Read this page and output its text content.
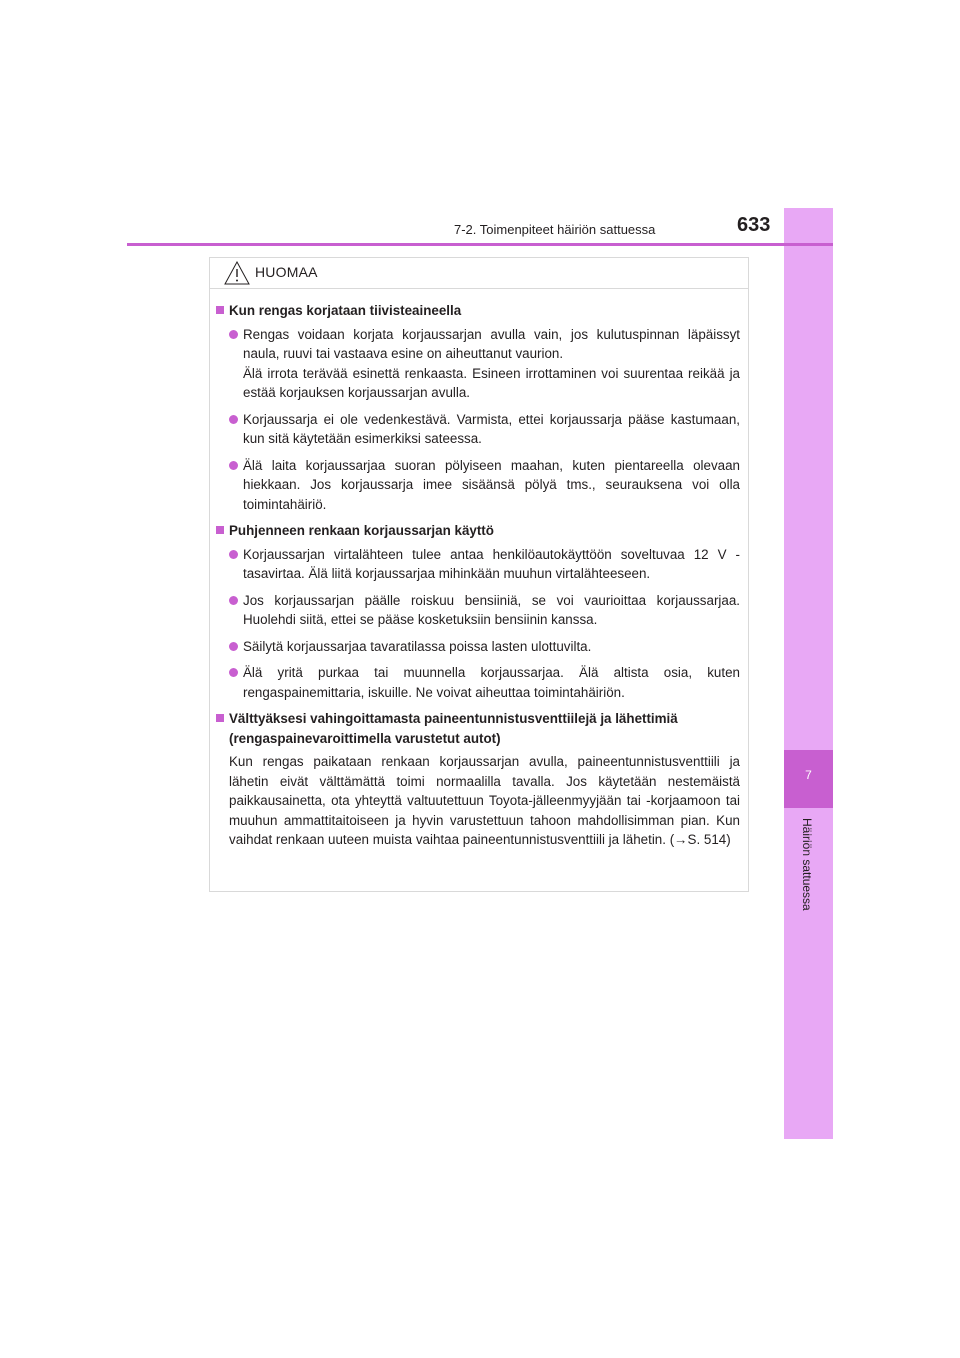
7
Häiriön sattuessa
7-2. Toimenpiteet häiriön sattuessa	633
HUOMAA
Kun rengas korjataan tiivisteaineella
Rengas voidaan korjata korjaussarjan avulla vain, jos kulutuspinnan läpäissyt naula, ruuvi tai vastaava esine on aiheuttanut vaurion.
Älä irrota terävää esinettä renkaasta. Esineen irrottaminen voi suurentaa reikää ja estää korjauksen korjaussarjan avulla.
Korjaussarja ei ole vedenkestävä. Varmista, ettei korjaussarja pääse kastumaan, kun sitä käytetään esimerkiksi sateessa.
Älä laita korjaussarjaa suoran pölyiseen maahan, kuten pientareella olevaan hiekkaan. Jos korjaussarja imee sisäänsä pölyä tms., seurauksena voi olla toimintahäiriö.
Puhjenneen renkaan korjaussarjan käyttö
Korjaussarjan virtalähteen tulee antaa henkilöautokäyttöön soveltuvaa 12 V -tasavirtaa. Älä liitä korjaussarjaa mihinkään muuhun virtalähteeseen.
Jos korjaussarjan päälle roiskuu bensiiniä, se voi vaurioittaa korjaussarjaa. Huolehdi siitä, ettei se pääse kosketuksiin bensiinin kanssa.
Säilytä korjaussarjaa tavaratilassa poissa lasten ulottuvilta.
Älä yritä purkaa tai muunnella korjaussarjaa. Älä altista osia, kuten rengaspainemittaria, iskuille. Ne voivat aiheuttaa toimintahäiriön.
Välttyäksesi vahingoittamasta paineentunnistusventtiilejä ja lähettimiä (rengaspainevaroittimella varustetut autot)
Kun rengas paikataan renkaan korjaussarjan avulla, paineentunnistusventtiili ja lähetin eivät välttämättä toimi normaalilla tavalla. Jos käytetään nestemäistä paikkausainetta, ota yhteyttä valtuutettuun Toyota-jälleenmyyjään tai -korjaamoon tai muuhun ammattitaitoiseen ja hyvin varustettuun tahoon mahdollisimman pian. Kun vaihdat renkaan uuteen muista vaihtaa paineentunnistusventtiili ja lähetin. (→S. 514)
